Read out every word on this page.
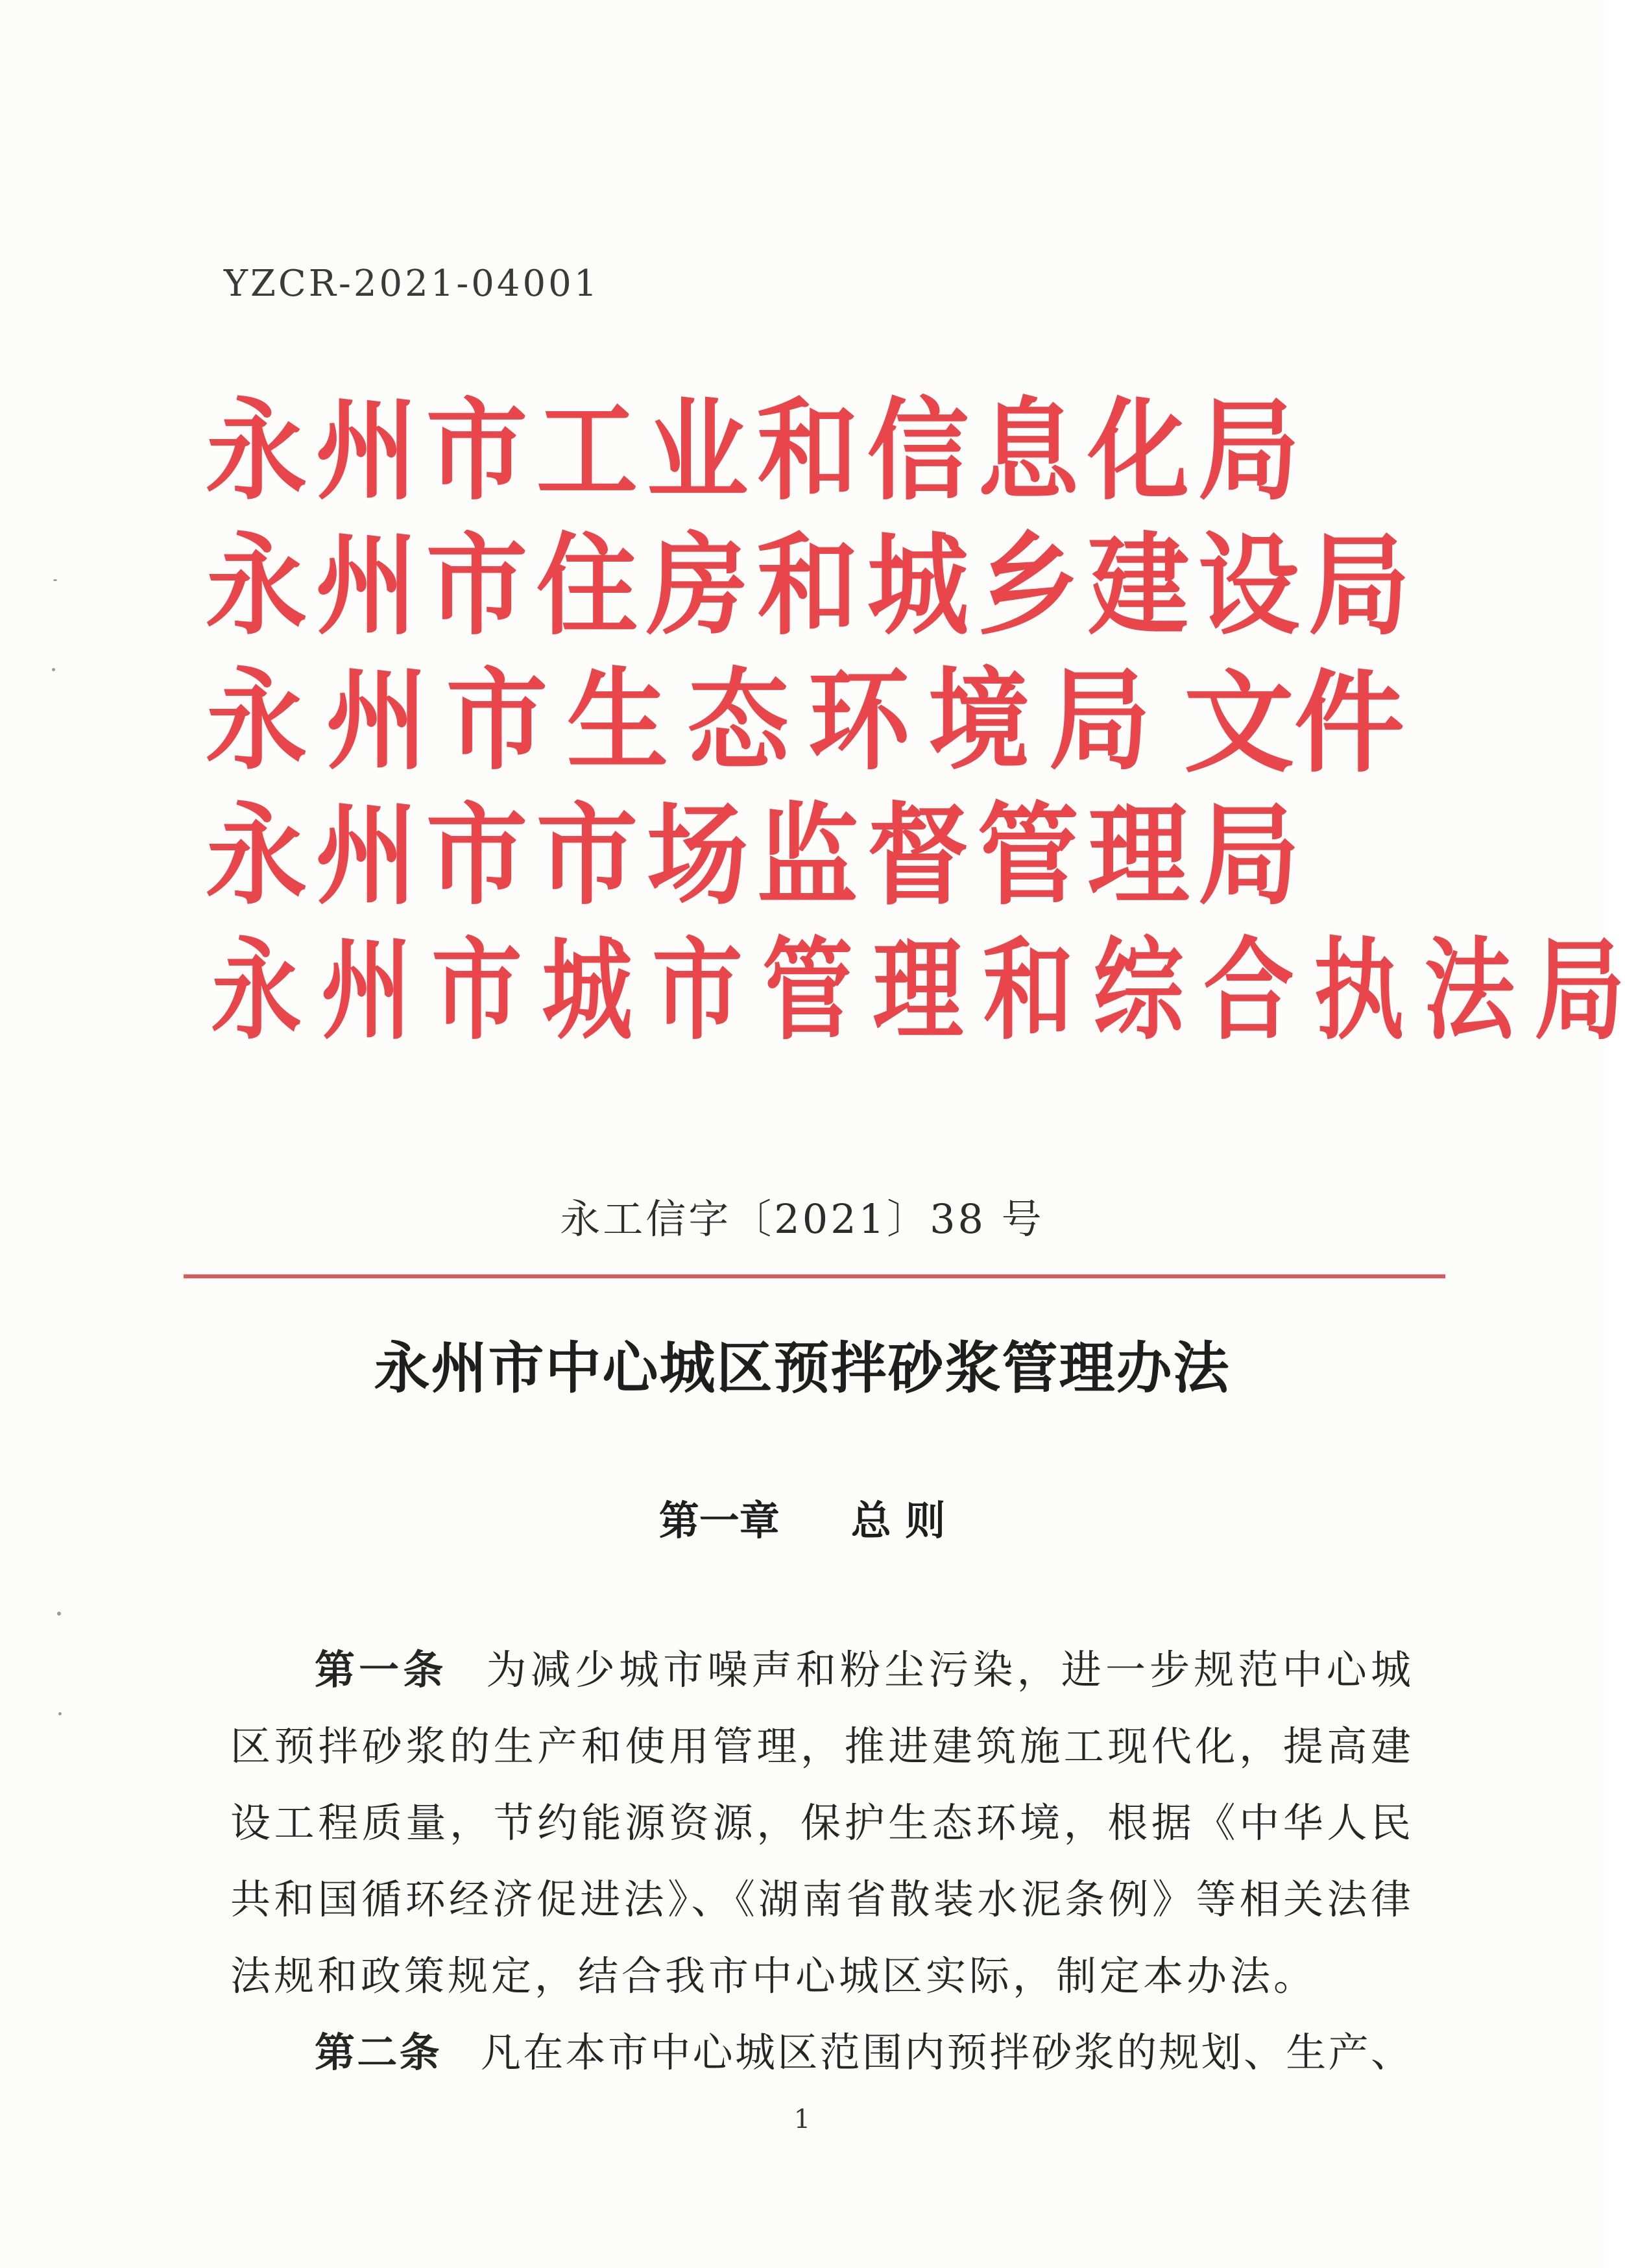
YZCR-2021-04001
永 州 市 工 业 和 信 息 化 局
永 州 市 住 房 和 城 乡 建 设 局
永 州 市 生 态 环 境 局
永 州 市 市 场 监 督 管 理 局
永 州 市 城 市 管 理 和 综 合 执 法 局
文件
永工信字〔2021〕38 号
永州市中心城区预拌砂浆管理办法
第一章 总 则
第一条 为减少城市噪声和粉尘污染，进一步规范中心城
区预拌砂浆的生产和使用管理，推进建筑施工现代化，提高建
设工程质量，节约能源资源，保护生态环境，根据《中华人民
共和国循环经济促进法》、《湖南省散装水泥条例》等相关法律
法规和政策规定，结合我市中心城区实际，制定本办法。
第二条 凡在本市中心城区范围内预拌砂浆的规划、生产、
1
